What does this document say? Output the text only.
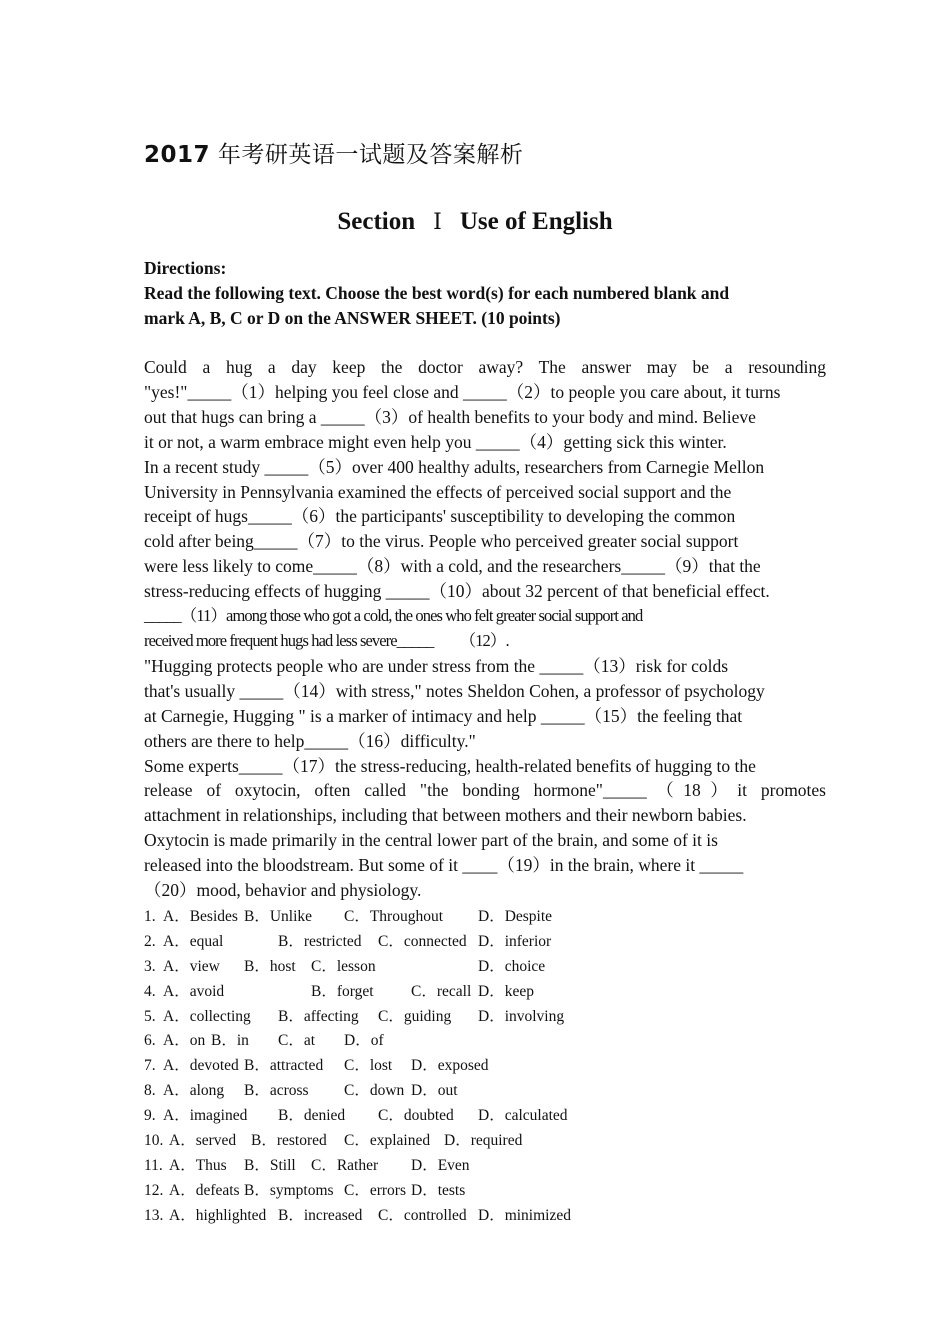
2017 年考研英语一试题及答案解析
Section Ⅰ Use of English
Directions:
Read the following text. Choose the best word(s) for each numbered blank and
mark A, B, C or D on the ANSWER SHEET. (10 points)

Could a hug a day keep the doctor away? The answer may be a resounding

"yes!"_____（1）helping you feel close and _____（2）to people you care about, it turns

out that hugs can bring a _____（3）of health benefits to your body and mind. Believe

it or not, a warm embrace might even help you _____（4）getting sick this winter.

In a recent study _____（5）over 400 healthy adults, researchers from Carnegie Mellon

University in Pennsylvania examined the effects of perceived social support and the

receipt of hugs_____（6）the participants' susceptibility to developing the common

cold after being_____（7）to the virus. People who perceived greater social support

were less likely to come_____（8）with a cold, and the researchers_____（9）that the

stress-reducing effects of hugging _____（10）about 32 percent of that beneficial effect.

_____（11）among those who got a cold, the ones who felt greater social support and

received more frequent hugs had less severe_____ 　　（12）.

"Hugging protects people who are under stress from the _____（13）risk for colds

that's usually _____（14）with stress," notes Sheldon Cohen, a professor of psychology

at Carnegie, Hugging " is a marker of intimacy and help _____（15）the feeling that

others are there to help_____（16）difficulty."

Some experts_____（17）the stress-reducing, health-related benefits of hugging to the

release of oxytocin, often called "the bonding hormone"_____（18）it promotes

attachment in relationships, including that between mothers and their newborn babies.

Oxytocin is made primarily in the central lower part of the brain, and some of it is

released into the bloodstream. But some of it ____（19）in the brain, where it _____

（20）mood, behavior and physiology.

1. A．Besides B．Unlike C．Throughout D．Despite
2. A．equal	B．restricted C．connected D．inferior
3. A．view B．host C．lesson	D．choice
4. A．avoid	B．forget C．recall D．keep
5. A．collecting B．affecting C．guiding D．involving
6. A．on B．in C．at D．of
7. A．devoted B．attracted C．lost D．exposed
8. A．along B．across C．down D．out
9. A．imagined B．denied C．doubted D．calculated
10. A．served B．restored C．explained D．required
11. A．Thus B．Still C．Rather D．Even
12. A．defeats B．symptoms C．errors D．tests
13. A．highlighted B．increased C．controlled D．minimized
